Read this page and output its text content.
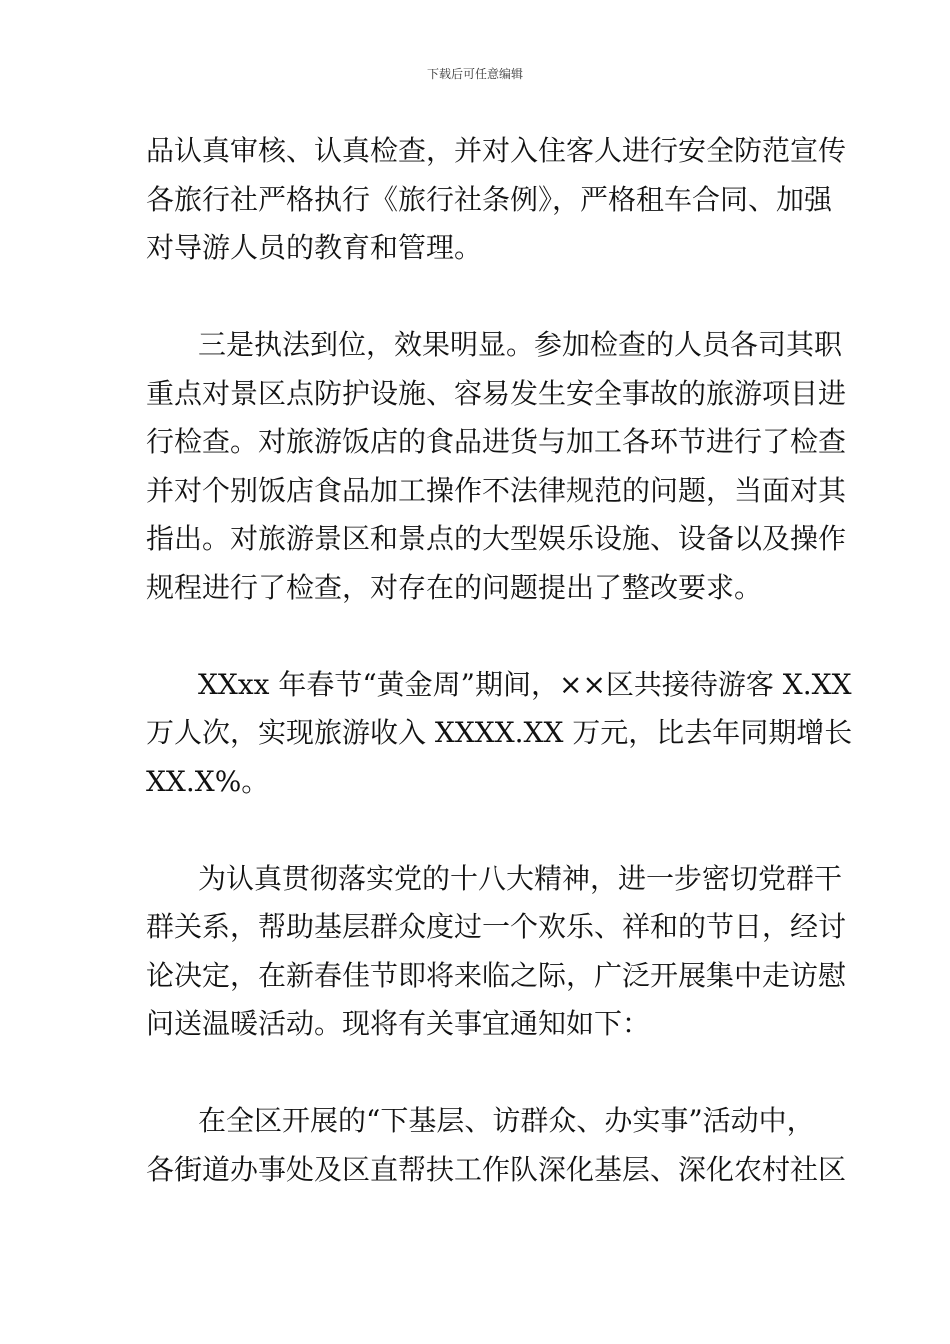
下载后可任意编辑
品认真审核、认真检查，并对入住客人进行安全防范宣传
各旅行社严格执行《旅行社条例》，严格租车合同、加强
对导游人员的教育和管理。
三是执法到位，效果明显。参加检查的人员各司其职
重点对景区点防护设施、容易发生安全事故的旅游项目进
行检查。对旅游饭店的食品进货与加工各环节进行了检查
并对个别饭店食品加工操作不法律规范的问题，当面对其
指出。对旅游景区和景点的大型娱乐设施、设备以及操作
规程进行了检查，对存在的问题提出了整改要求。
XXxx 年春节“黄金周”期间，××区共接待游客 X.XX
万人次，实现旅游收入 XXXX.XX 万元，比去年同期增长
XX.X%。
为认真贯彻落实党的十八大精神，进一步密切党群干
群关系，帮助基层群众度过一个欢乐、祥和的节日，经讨
论决定，在新春佳节即将来临之际，广泛开展集中走访慰
问送温暖活动。现将有关事宜通知如下：
在全区开展的“下基层、访群众、办实事”活动中，
各街道办事处及区直帮扶工作队深化基层、深化农村社区
